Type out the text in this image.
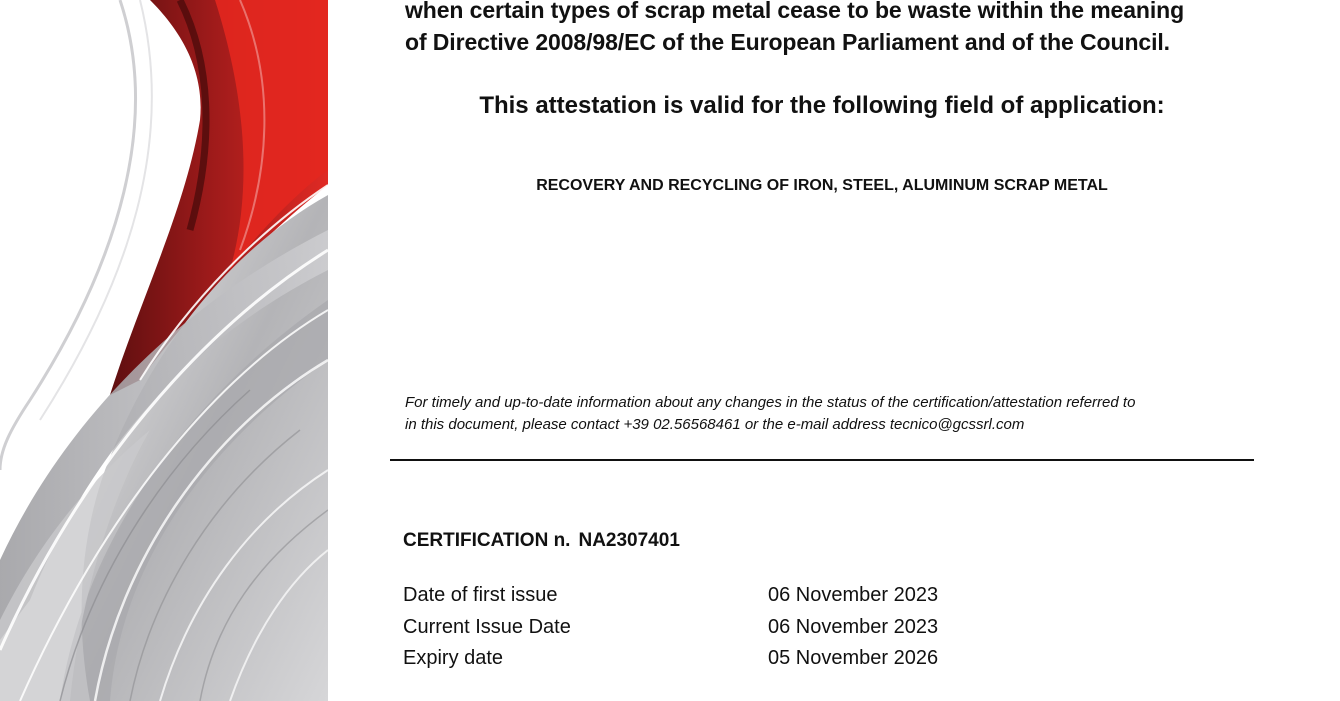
when certain types of scrap metal cease to be waste within the meaning
of Directive 2008/98/EC of the European Parliament and of the Council.

This attestation is valid for the following field of application:

RECOVERY AND RECYCLING OF IRON, STEEL, ALUMINUM SCRAP METAL

For timely and up-to-date information about any changes in the status of the certification/attestation referred to
in this document, please contact +39 02.56568461 or the e-mail address tecnico@gcssrl.com

CERTIFICATION n. NA2307401

Date of first issue	06 November 2023
Current Issue Date	06 November 2023
Expiry date	05 November 2026
